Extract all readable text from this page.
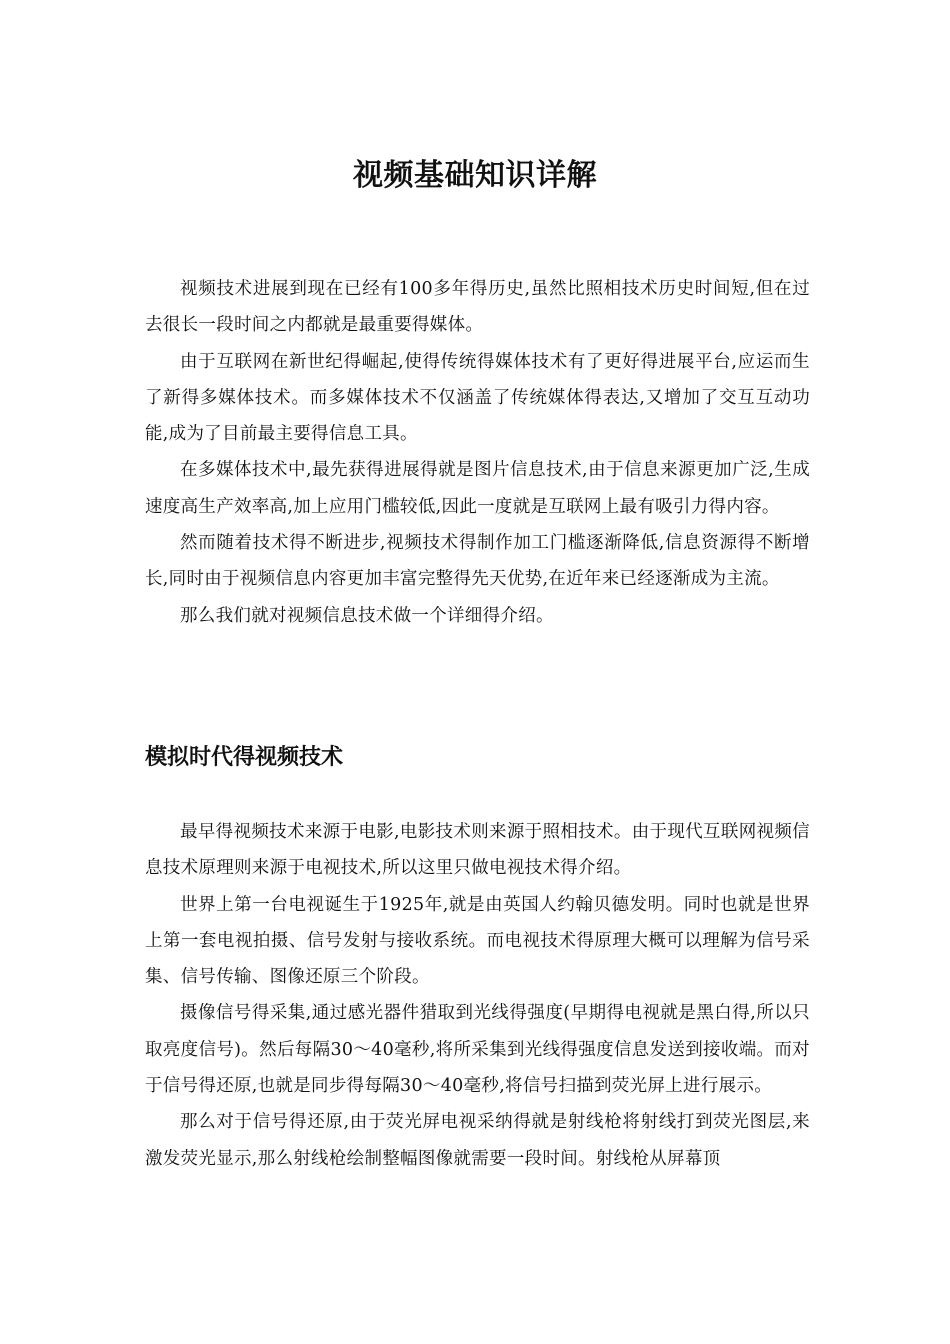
视频基础知识详解

视频技术进展到现在已经有100多年得历史,虽然比照相技术历史时间短,但在过去很长一段时间之内都就是最重要得媒体。

由于互联网在新世纪得崛起,使得传统得媒体技术有了更好得进展平台,应运而生了新得多媒体技术。而多媒体技术不仅涵盖了传统媒体得表达,又增加了交互互动功能,成为了目前最主要得信息工具。

在多媒体技术中,最先获得进展得就是图片信息技术,由于信息来源更加广泛,生成速度高生产效率高,加上应用门槛较低,因此一度就是互联网上最有吸引力得内容。

然而随着技术得不断进步,视频技术得制作加工门槛逐渐降低,信息资源得不断增长,同时由于视频信息内容更加丰富完整得先天优势,在近年来已经逐渐成为主流。

那么我们就对视频信息技术做一个详细得介绍。

模拟时代得视频技术

最早得视频技术来源于电影,电影技术则来源于照相技术。由于现代互联网视频信息技术原理则来源于电视技术,所以这里只做电视技术得介绍。

世界上第一台电视诞生于1925年,就是由英国人约翰贝德发明。同时也就是世界上第一套电视拍摄、信号发射与接收系统。而电视技术得原理大概可以理解为信号采集、信号传输、图像还原三个阶段。

摄像信号得采集,通过感光器件猎取到光线得强度(早期得电视就是黑白得,所以只取亮度信号)。然后每隔30～40毫秒,将所采集到光线得强度信息发送到接收端。而对于信号得还原,也就是同步得每隔30～40毫秒,将信号扫描到荧光屏上进行展示。

那么对于信号得还原,由于荧光屏电视采纳得就是射线枪将射线打到荧光图层,来激发荧光显示,那么射线枪绘制整幅图像就需要一段时间。射线枪从屏幕顶
